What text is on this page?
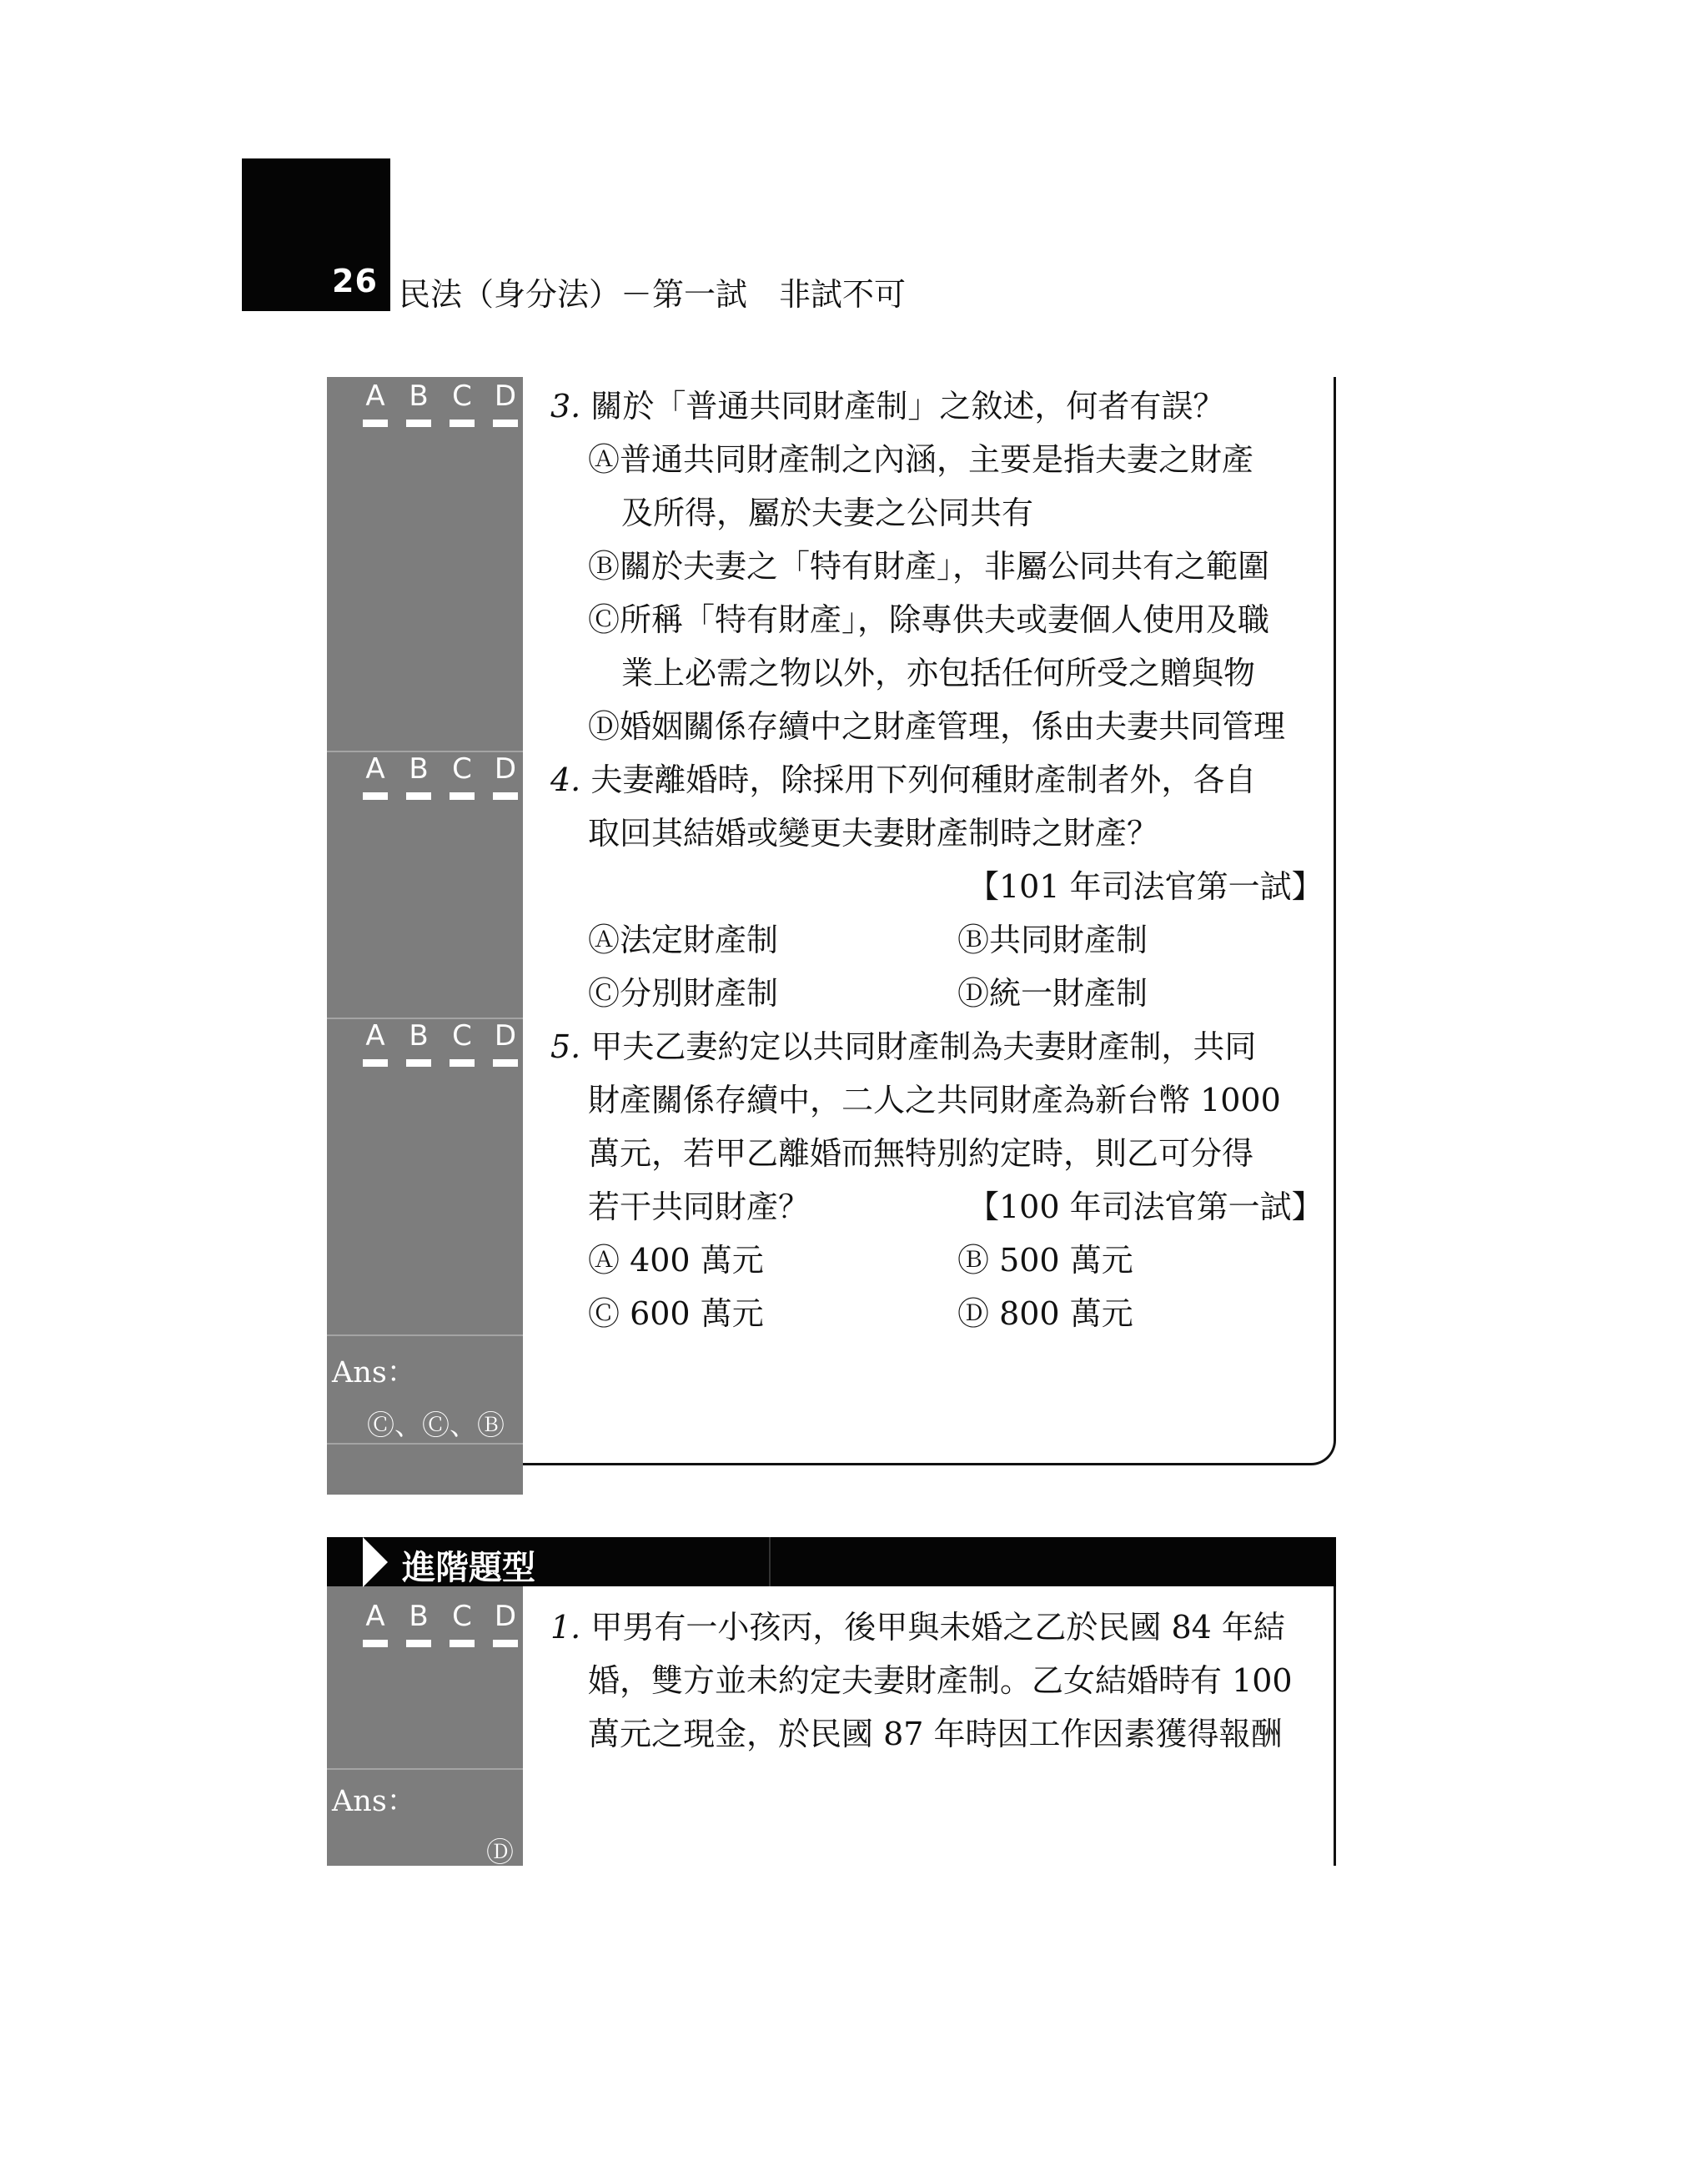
26 民法（身分法）－第一試　非試不可
A B C D
A B C D
A B C D
Ans：
Ⓒ、Ⓒ、Ⓑ
3. 關於「普通共同財產制」之敘述，何者有誤？
Ⓐ普通共同財產制之內涵，主要是指夫妻之財產
及所得，屬於夫妻之公同共有
Ⓑ關於夫妻之「特有財產」，非屬公同共有之範圍
Ⓒ所稱「特有財產」，除專供夫或妻個人使用及職
業上必需之物以外，亦包括任何所受之贈與物
Ⓓ婚姻關係存續中之財產管理，係由夫妻共同管理
4. 夫妻離婚時，除採用下列何種財產制者外，各自
取回其結婚或變更夫妻財產制時之財產？
【101 年司法官第一試】
Ⓐ法定財產制	Ⓑ共同財產制
Ⓒ分別財產制	Ⓓ統一財產制
5. 甲夫乙妻約定以共同財產制為夫妻財產制，共同
財產關係存續中，二人之共同財產為新台幣 1000
萬元，若甲乙離婚而無特別約定時，則乙可分得
若干共同財產？	【100 年司法官第一試】
Ⓐ 400 萬元	Ⓑ 500 萬元
Ⓒ 600 萬元	Ⓓ 800 萬元
進階題型
A B C D
Ans：
Ⓓ
1. 甲男有一小孩丙，後甲與未婚之乙於民國 84 年結
婚，雙方並未約定夫妻財產制。乙女結婚時有 100
萬元之現金，於民國 87 年時因工作因素獲得報酬
